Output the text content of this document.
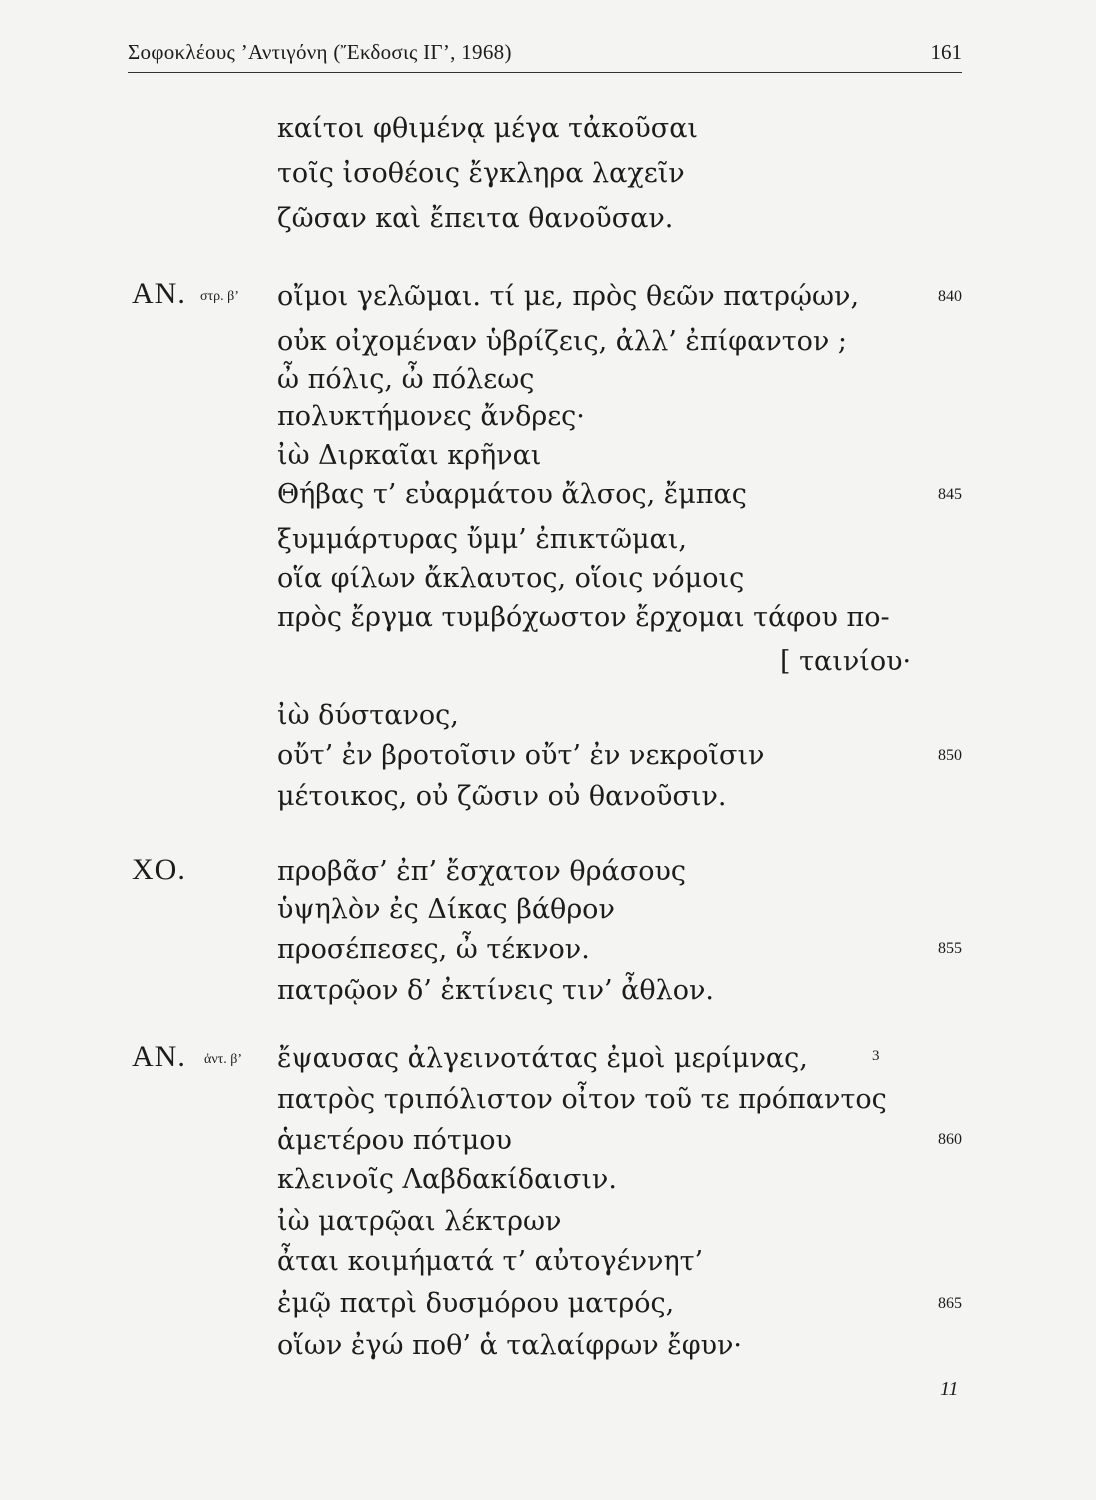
Σοφοκλέους ’Αντιγόνη (Ἔκδοσις ΙΓ’, 1968)	161
καίτοι φθιμένᾳ μέγα τἀκοῦσαι
τοῖς ἰσοθέοις ἔγκληρα λαχεῖν
ζῶσαν καὶ ἔπειτα θανοῦσαν.
ΑΝ. στρ. β’ οἴμοι γελῶμαι. τί με, πρὸς θεῶν πατρῴων,	840
οὐκ οἰχομέναν ὑβρίζεις, ἀλλ’ ἐπίφαντον ;
ὦ πόλις, ὦ πόλεως
πολυκτήμονες ἄνδρες·
ἰὼ Διρκαῖαι κρῆναι
Θήβας τ’ εὐαρμάτου ἄλσος, ἔμπας	845
ξυμμάρτυρας ὔμμ’ ἐπικτῶμαι,
οἵα φίλων ἄκλαυτος, οἵοις νόμοις
πρὸς ἔργμα τυμβόχωστον ἔρχομαι τάφου πο-
[ ταινίου·
ἰὼ δύστανος,
οὔτ’ ἐν βροτοῖσιν οὔτ’ ἐν νεκροῖσιν	850
μέτοικος, οὐ ζῶσιν οὐ θανοῦσιν.
ΧΟ.	προβᾶσ’ ἐπ’ ἔσχατον θράσους
ὑψηλὸν ἐς Δίκας βάθρον
προσέπεσες, ὦ τέκνον.	855
πατρῷον δ’ ἐκτίνεις τιν’ ἆθλον.
ΑΝ. ἀντ. β’ ἔψαυσας ἀλγεινοτάτας ἐμοὶ μερίμνας,	3
πατρὸς τριπόλιστον οἶτον τοῦ τε πρόπαντος
ἁμετέρου πότμου	860
κλεινοῖς Λαβδακίδαισιν.
ἰὼ ματρῷαι λέκτρων
ἆται κοιμήματά τ’ αὐτογέννητ’
ἐμῷ πατρὶ δυσμόρου ματρός,	865
οἵων ἐγώ ποθ’ ἁ ταλαίφρων ἔφυν·
11
